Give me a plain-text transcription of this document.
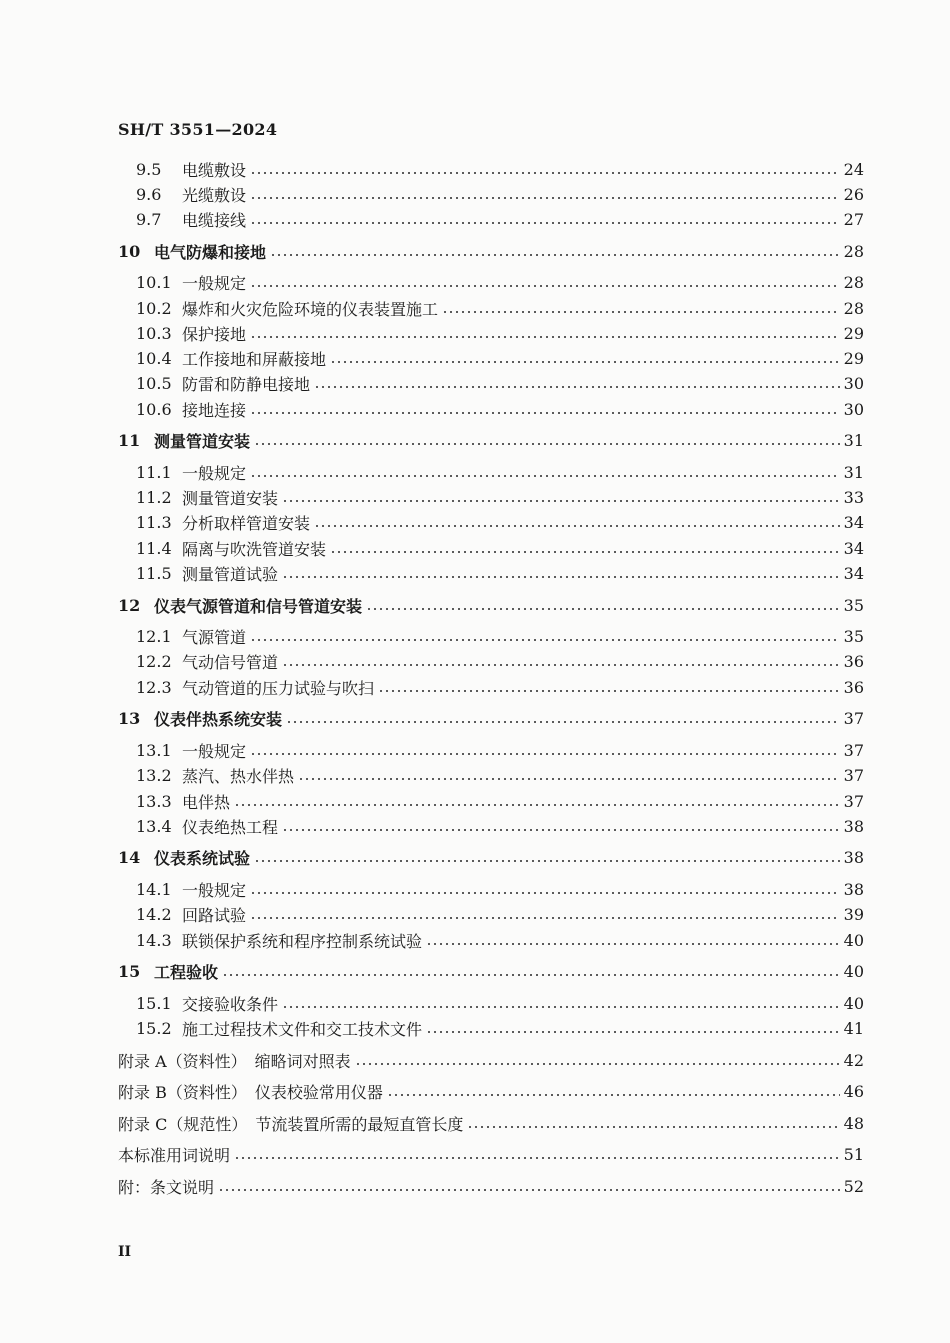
SH/T 3551—2024
9.5	电缆敷设	24
9.6	光缆敷设	26
9.7	电缆接线	27
10 电气防爆和接地	28
10.1 一般规定	28
10.2 爆炸和火灾危险环境的仪表装置施工	28
10.3 保护接地	29
10.4 工作接地和屏蔽接地	29
10.5 防雷和防静电接地	30
10.6 接地连接	30
11 测量管道安装	31
11.1 一般规定	31
11.2 测量管道安装	33
11.3 分析取样管道安装	34
11.4 隔离与吹洗管道安装	34
11.5 测量管道试验	34
12 仪表气源管道和信号管道安装	35
12.1 气源管道	35
12.2 气动信号管道	36
12.3 气动管道的压力试验与吹扫	36
13 仪表伴热系统安装	37
13.1 一般规定	37
13.2 蒸汽、热水伴热	37
13.3 电伴热	37
13.4 仪表绝热工程	38
14 仪表系统试验	38
14.1 一般规定	38
14.2 回路试验	39
14.3 联锁保护系统和程序控制系统试验	40
15 工程验收	40
15.1 交接验收条件	40
15.2 施工过程技术文件和交工技术文件	41
附录 A（资料性）　缩略词对照表	42
附录 B（资料性）　仪表校验常用仪器	46
附录 C（规范性）　节流装置所需的最短直管长度	48
本标准用词说明	51
附：条文说明	52
II
